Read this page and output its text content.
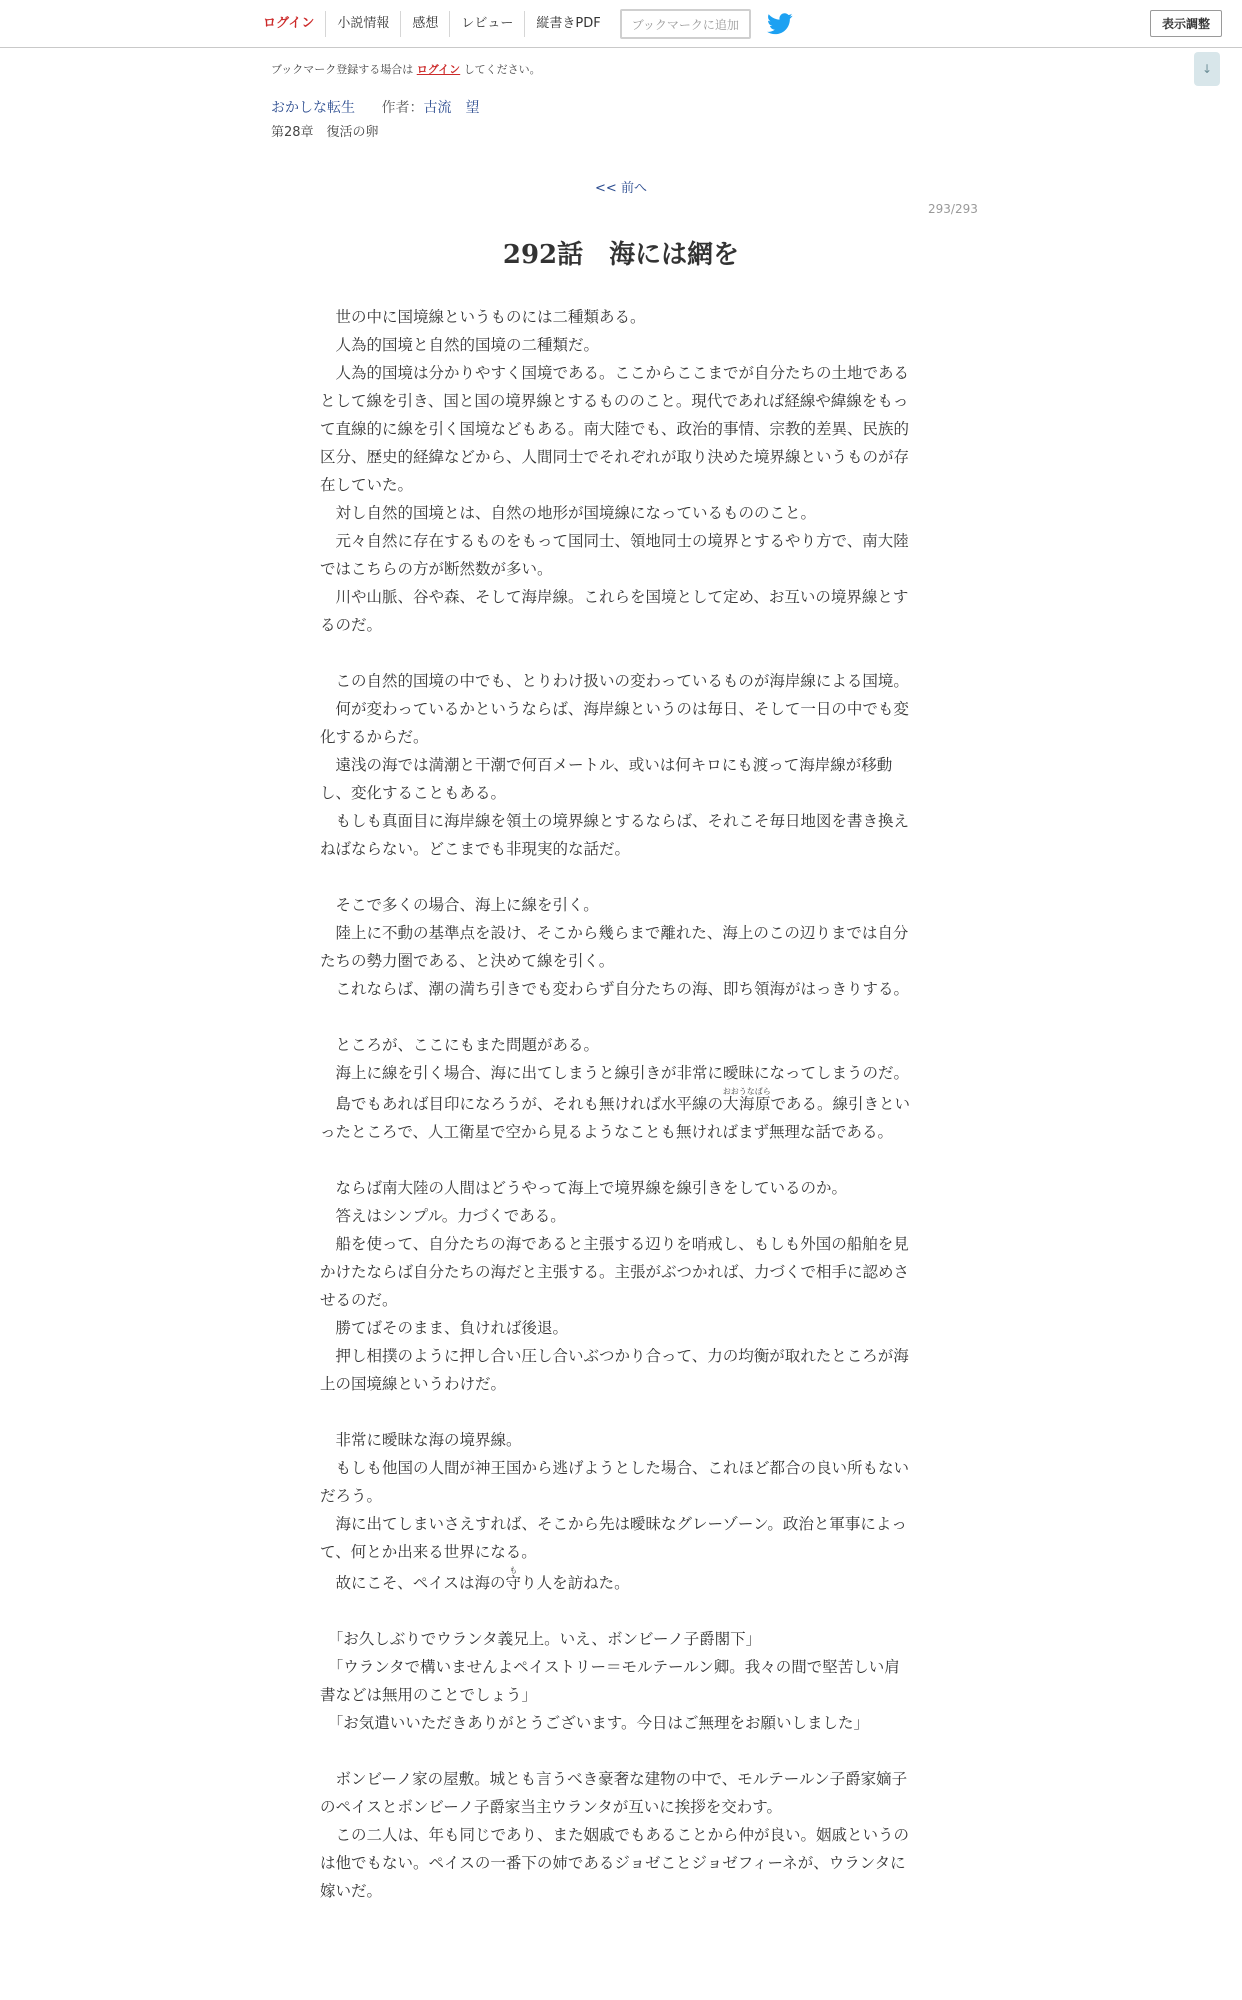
ログイン	小説情報	感想	レビュー	縦書きPDF	ブックマークに追加	表示調整
↓
ブックマーク登録する場合は ログイン してください。
おかしな転生 作者：古流　望
第28章　復活の卵
<< 前へ
293/293
292話　海には網を

世の中に国境線というものには二種類ある。

人為的国境と自然的国境の二種類だ。

人為的国境は分かりやすく国境である。ここからここまでが自分たちの土地であるとして線を引き、国と国の境界線とするもののこと。現代であれば経線や緯線をもって直線的に線を引く国境などもある。南大陸でも、政治的事情、宗教的差異、民族的区分、歴史的経緯などから、人間同士でそれぞれが取り決めた境界線というものが存在していた。

対し自然的国境とは、自然の地形が国境線になっているもののこと。

元々自然に存在するものをもって国同士、領地同士の境界とするやり方で、南大陸ではこちらの方が断然数が多い。

川や山脈、谷や森、そして海岸線。これらを国境として定め、お互いの境界線とするのだ。

この自然的国境の中でも、とりわけ扱いの変わっているものが海岸線による国境。

何が変わっているかというならば、海岸線というのは毎日、そして一日の中でも変化するからだ。

遠浅の海では満潮と干潮で何百メートル、或いは何キロにも渡って海岸線が移動し、変化することもある。

もしも真面目に海岸線を領土の境界線とするならば、それこそ毎日地図を書き換えねばならない。どこまでも非現実的な話だ。

そこで多くの場合、海上に線を引く。

陸上に不動の基準点を設け、そこから幾らまで離れた、海上のこの辺りまでは自分たちの勢力圏である、と決めて線を引く。

これならば、潮の満ち引きでも変わらず自分たちの海、即ち領海がはっきりする。

ところが、ここにもまた問題がある。

海上に線を引く場合、海に出てしまうと線引きが非常に曖昧になってしまうのだ。

島でもあれば目印になろうが、それも無ければ水平線の大海原おおうなばらである。線引きといったところで、人工衛星で空から見るようなことも無ければまず無理な話である。

ならば南大陸の人間はどうやって海上で境界線を線引きをしているのか。

答えはシンプル。力づくである。

船を使って、自分たちの海であると主張する辺りを哨戒し、もしも外国の船舶を見かけたならば自分たちの海だと主張する。主張がぶつかれば、力づくで相手に認めさせるのだ。

勝てばそのまま、負ければ後退。

押し相撲のように押し合い圧し合いぶつかり合って、力の均衡が取れたところが海上の国境線というわけだ。

非常に曖昧な海の境界線。

もしも他国の人間が神王国から逃げようとした場合、これほど都合の良い所もないだろう。

海に出てしまいさえすれば、そこから先は曖昧なグレーゾーン。政治と軍事によって、何とか出来る世界になる。

故にこそ、ペイスは海の守もり人を訪ねた。

「お久しぶりでウランタ義兄上。いえ、ボンビーノ子爵閣下」

「ウランタで構いませんよペイストリー＝モルテールン卿。我々の間で堅苦しい肩書などは無用のことでしょう」

「お気遣いいただきありがとうございます。今日はご無理をお願いしました」

ボンビーノ家の屋敷。城とも言うべき豪奢な建物の中で、モルテールン子爵家嫡子のペイスとボンビーノ子爵家当主ウランタが互いに挨拶を交わす。

この二人は、年も同じであり、また姻戚でもあることから仲が良い。姻戚というのは他でもない。ペイスの一番下の姉であるジョゼことジョゼフィーネが、ウランタに嫁いだ。
